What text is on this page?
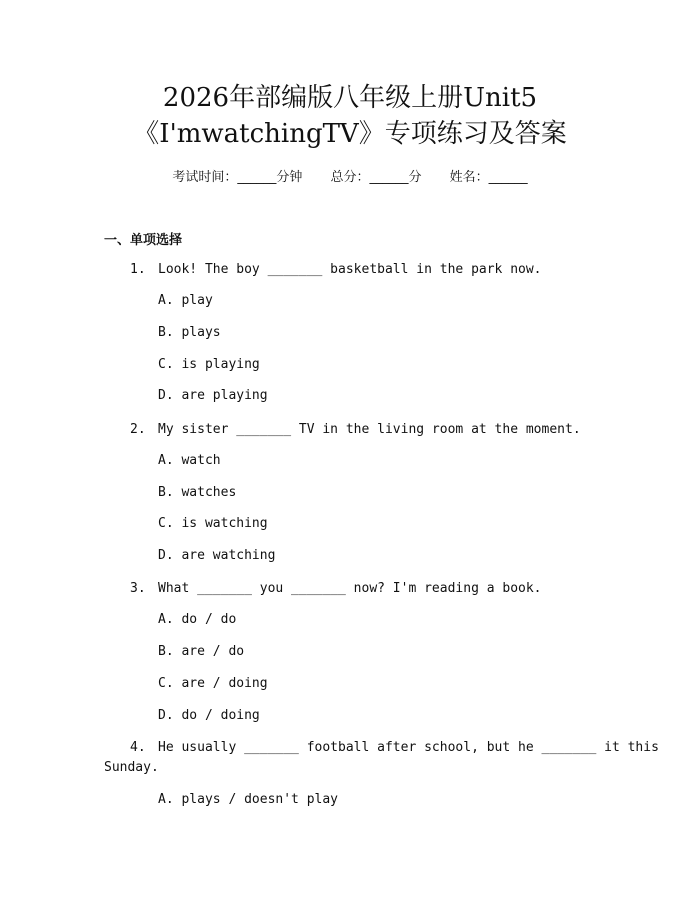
2026年部编版八年级上册Unit5
《I'mwatchingTV》专项练习及答案
考试时间：______分钟 总分：______分 姓名：______
一、单项选择
1. Look! The boy _______ basketball in the park now.
A. play
B. plays
C. is playing
D. are playing
2. My sister _______ TV in the living room at the moment.
A. watch
B. watches
C. is watching
D. are watching
3. What _______ you _______ now? I'm reading a book.
A. do / do
B. are / do
C. are / doing
D. do / doing
4. He usually _______ football after school, but he _______ it this
Sunday.
A. plays / doesn't play
